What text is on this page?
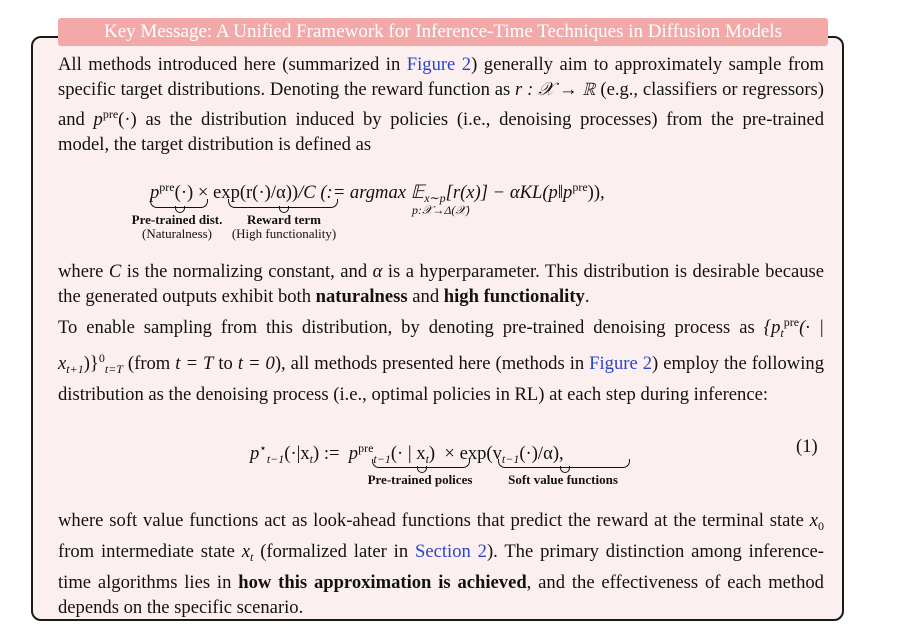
Key Message: A Unified Framework for Inference-Time Techniques in Diffusion Models

All methods introduced here (summarized in Figure 2) generally aim to approximately sample from specific target distributions. Denoting the reward function as r : 𝒳 → ℝ (e.g., classifiers or regressors) and $p^{pre}(\cdot)$ as the distribution induced by policies (i.e., denoising processes) from the pre-trained model, the target distribution is defined as

$p^{pre}(\cdot) \times \exp(r(\cdot)/\alpha))/C$ (:= argmax 𝔼$_{x\sim p}$[r(x)] − $\alpha KL(p‖p^{pre})$),
p:𝒳→Δ(𝒳)
Pre-trained dist.
(Naturalness)
Reward term
(High functionality)

where C is the normalizing constant, and α is a hyperparameter. This distribution is desirable because the generated outputs exhibit both naturalness and high functionality.

To enable sampling from this distribution, by denoting pre-trained denoising process as {$p_t^{pre}(\cdot$ | $x_{t+1})\}^0_{t=T}$ (from t = T to t = 0), all methods presented here (methods in Figure 2) employ the following distribution as the denoising process (i.e., optimal policies in RL) at each step during inference:

$p^⋆_{t-1}(\cdot|x_t)$ := $p^{pre}_{t-1}(\cdot$ | $x_t) \times \exp(v_{t-1}(\cdot)/\alpha)$,
Pre-trained polices	Soft value functions
(1)

where soft value functions act as look-ahead functions that predict the reward at the terminal state $x_0$ from intermediate state $x_t$ (formalized later in Section 2). The primary distinction among inference-time algorithms lies in how this approximation is achieved, and the effectiveness of each method depends on the specific scenario.
